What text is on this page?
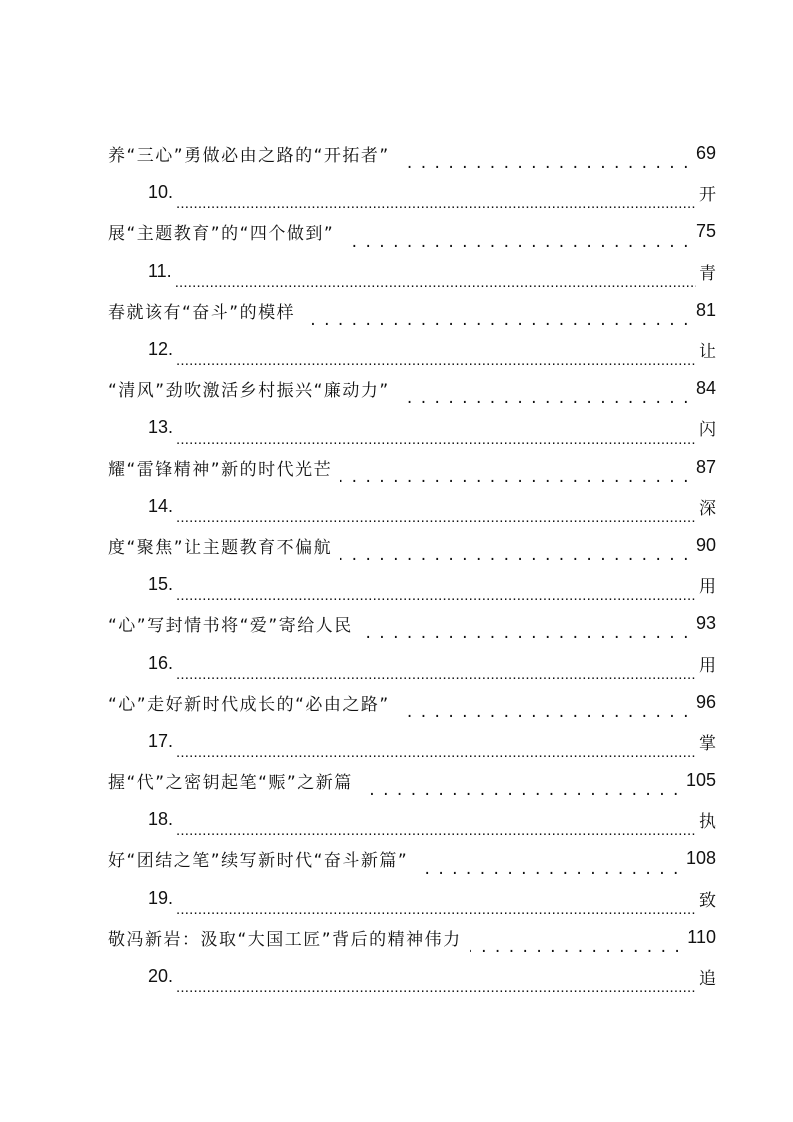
养“三心”勇做必由之路的“开拓者” . . .	69
10. .....	开
展“主题教育”的“四个做到” . . .	75
11. .....	青
春就该有“奋斗”的模样 . . .	81
12. .....	让
“清风”劲吹激活乡村振兴“廉动力” . . .	84
13. .....	闪
耀“雷锋精神”新的时代光芒 . . .	87
14. .....	深
度“聚焦”让主题教育不偏航 . . .	90
15. .....	用
“心”写封情书将“爱”寄给人民 . . .	93
16. .....	用
“心”走好新时代成长的“必由之路” . . .	96
17. .....	掌
握“代”之密钥起笔“赈”之新篇 . . .	105
18. .....	执
好“团结之笔”续写新时代“奋斗新篇” . . .	108
19. .....	致
敬冯新岩：汲取“大国工匠”背后的精神伟力 . . .	110
20. .....	追
